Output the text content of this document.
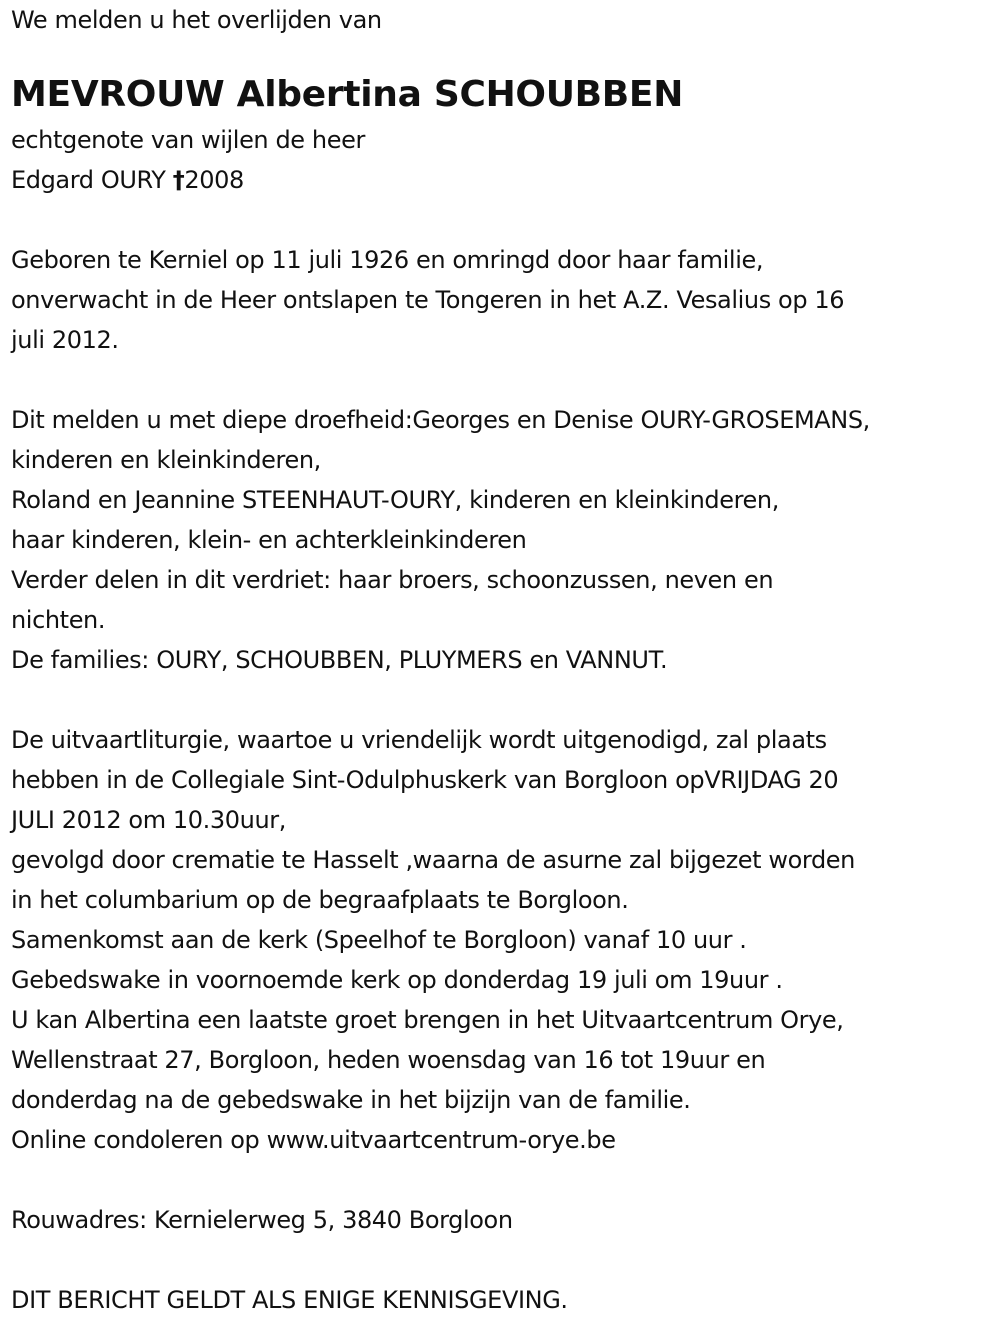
We melden u het overlijden van
MEVROUW Albertina SCHOUBBEN
echtgenote van wijlen de heer
Edgard OURY †2008
Geboren te Kerniel op 11 juli 1926 en omringd door haar familie,
onverwacht in de Heer ontslapen te Tongeren in het A.Z. Vesalius op 16
juli 2012.
Dit melden u met diepe droefheid:Georges en Denise OURY-GROSEMANS,
kinderen en kleinkinderen,
Roland en Jeannine STEENHAUT-OURY, kinderen en kleinkinderen,
haar kinderen, klein- en achterkleinkinderen
Verder delen in dit verdriet: haar broers, schoonzussen, neven en
nichten.
De families: OURY, SCHOUBBEN, PLUYMERS en VANNUT.
De uitvaartliturgie, waartoe u vriendelijk wordt uitgenodigd, zal plaats
hebben in de Collegiale Sint-Odulphuskerk van Borgloon opVRIJDAG 20
JULI 2012 om 10.30uur,
gevolgd door crematie te Hasselt ,waarna de asurne zal bijgezet worden
in het columbarium op de begraafplaats te Borgloon.
Samenkomst aan de kerk (Speelhof te Borgloon) vanaf 10 uur .
Gebedswake in voornoemde kerk op donderdag 19 juli om 19uur .
U kan Albertina een laatste groet brengen in het Uitvaartcentrum Orye,
Wellenstraat 27, Borgloon, heden woensdag van 16 tot 19uur en
donderdag na de gebedswake in het bijzijn van de familie.
Online condoleren op www.uitvaartcentrum-orye.be
Rouwadres: Kernielerweg 5, 3840 Borgloon
DIT BERICHT GELDT ALS ENIGE KENNISGEVING.
